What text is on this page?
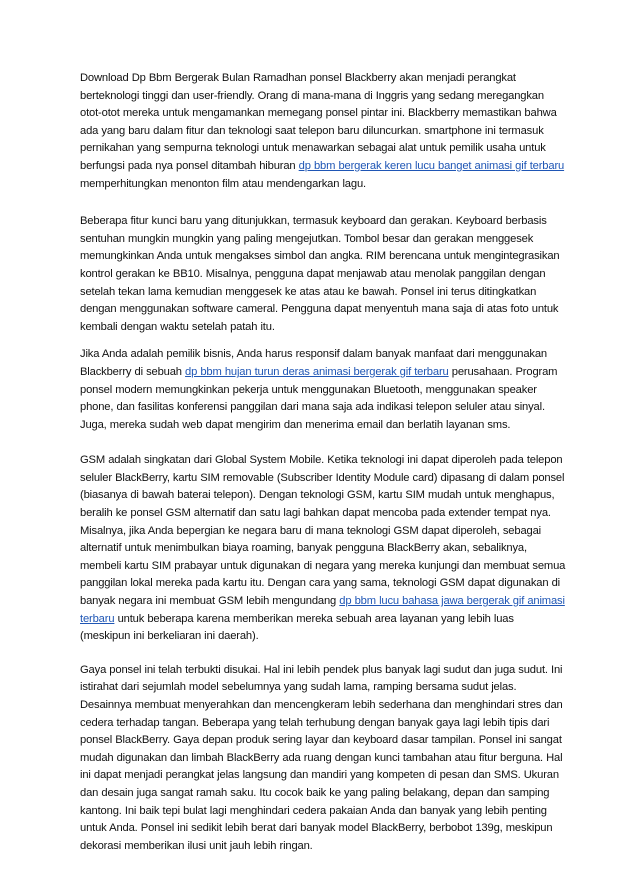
Download Dp Bbm Bergerak Bulan Ramadhan ponsel Blackberry akan menjadi perangkat berteknologi tinggi dan user-friendly. Orang di mana-mana di Inggris yang sedang meregangkan otot-otot mereka untuk mengamankan memegang ponsel pintar ini. Blackberry memastikan bahwa ada yang baru dalam fitur dan teknologi saat telepon baru diluncurkan. smartphone ini termasuk pernikahan yang sempurna teknologi untuk menawarkan sebagai alat untuk pemilik usaha untuk berfungsi pada nya ponsel ditambah hiburan dp bbm bergerak keren lucu banget animasi gif terbaru memperhitungkan menonton film atau mendengarkan lagu.

Beberapa fitur kunci baru yang ditunjukkan, termasuk keyboard dan gerakan. Keyboard berbasis sentuhan mungkin mungkin yang paling mengejutkan. Tombol besar dan gerakan menggesek memungkinkan Anda untuk mengakses simbol dan angka. RIM berencana untuk mengintegrasikan kontrol gerakan ke BB10. Misalnya, pengguna dapat menjawab atau menolak panggilan dengan setelah tekan lama kemudian menggesek ke atas atau ke bawah. Ponsel ini terus ditingkatkan dengan menggunakan software cameral. Pengguna dapat menyentuh mana saja di atas foto untuk kembali dengan waktu setelah patah itu.

Jika Anda adalah pemilik bisnis, Anda harus responsif dalam banyak manfaat dari menggunakan Blackberry di sebuah dp bbm hujan turun deras animasi bergerak gif terbaru perusahaan. Program ponsel modern memungkinkan pekerja untuk menggunakan Bluetooth, menggunakan speaker phone, dan fasilitas konferensi panggilan dari mana saja ada indikasi telepon seluler atau sinyal. Juga, mereka sudah web dapat mengirim dan menerima email dan berlatih layanan sms.

GSM adalah singkatan dari Global System Mobile. Ketika teknologi ini dapat diperoleh pada telepon seluler BlackBerry, kartu SIM removable (Subscriber Identity Module card) dipasang di dalam ponsel (biasanya di bawah baterai telepon). Dengan teknologi GSM, kartu SIM mudah untuk menghapus, beralih ke ponsel GSM alternatif dan satu lagi bahkan dapat mencoba pada extender tempat nya. Misalnya, jika Anda bepergian ke negara baru di mana teknologi GSM dapat diperoleh, sebagai alternatif untuk menimbulkan biaya roaming, banyak pengguna BlackBerry akan, sebaliknya, membeli kartu SIM prabayar untuk digunakan di negara yang mereka kunjungi dan membuat semua panggilan lokal mereka pada kartu itu. Dengan cara yang sama, teknologi GSM dapat digunakan di banyak negara ini membuat GSM lebih mengundang dp bbm lucu bahasa jawa bergerak gif animasi terbaru untuk beberapa karena memberikan mereka sebuah area layanan yang lebih luas (meskipun ini berkeliaran ini daerah).

Gaya ponsel ini telah terbukti disukai. Hal ini lebih pendek plus banyak lagi sudut dan juga sudut. Ini istirahat dari sejumlah model sebelumnya yang sudah lama, ramping bersama sudut jelas. Desainnya membuat menyerahkan dan mencengkeram lebih sederhana dan menghindari stres dan cedera terhadap tangan. Beberapa yang telah terhubung dengan banyak gaya lagi lebih tipis dari ponsel BlackBerry. Gaya depan produk sering layar dan keyboard dasar tampilan. Ponsel ini sangat mudah digunakan dan limbah BlackBerry ada ruang dengan kunci tambahan atau fitur berguna. Hal ini dapat menjadi perangkat jelas langsung dan mandiri yang kompeten di pesan dan SMS. Ukuran dan desain juga sangat ramah saku. Itu cocok baik ke yang paling belakang, depan dan samping kantong. Ini baik tepi bulat lagi menghindari cedera pakaian Anda dan banyak yang lebih penting untuk Anda. Ponsel ini sedikit lebih berat dari banyak model BlackBerry, berbobot 139g, meskipun dekorasi memberikan ilusi unit jauh lebih ringan.
